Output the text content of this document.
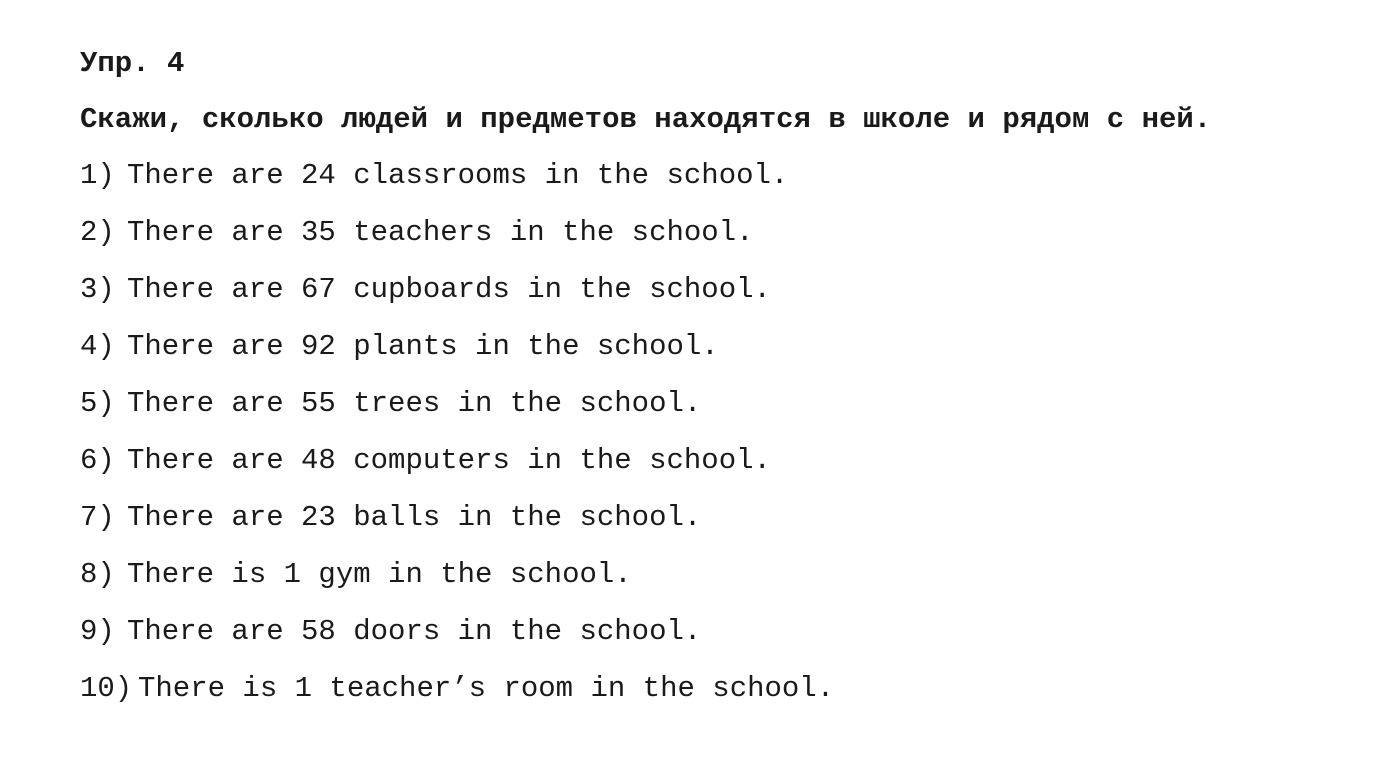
Упр. 4

Скажи, сколько людей и предметов находятся в школе и рядом с ней.

1) There are 24 classrooms in the school.
2) There are 35 teachers in the school.
3) There are 67 cupboards in the school.
4) There are 92 plants in the school.
5) There are 55 trees in the school.
6) There are 48 computers in the school.
7) There are 23 balls in the school.
8) There is 1 gym in the school.
9) There are 58 doors in the school.
10) There is 1 teacher’s room in the school.
